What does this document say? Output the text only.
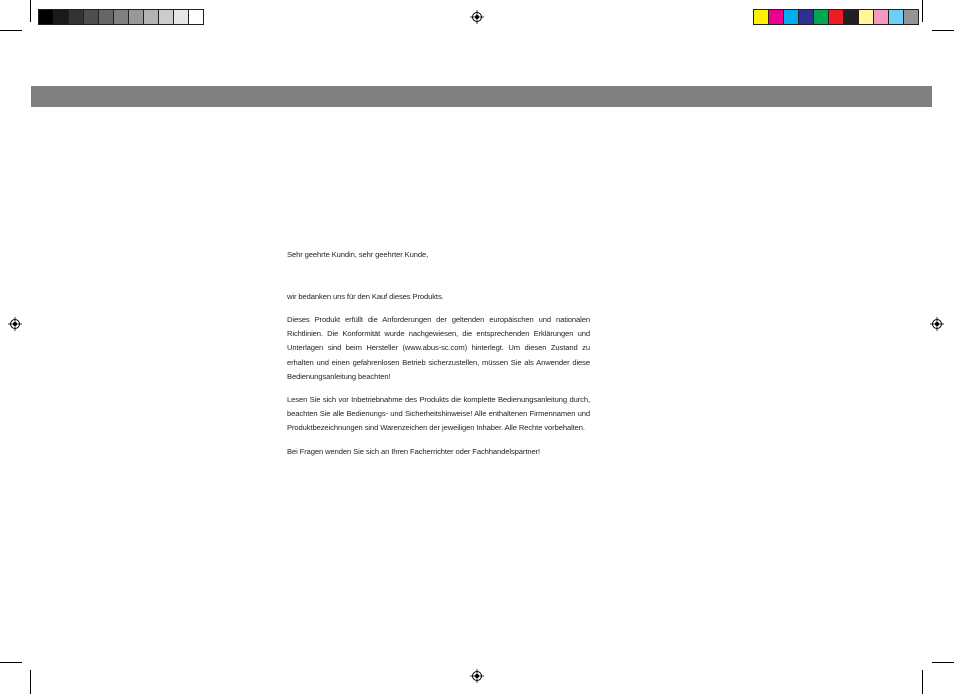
Sehr geehrte Kundin, sehr geehrter Kunde,

wir bedanken uns für den Kauf dieses Produkts.

Dieses Produkt erfüllt die Anforderungen der geltenden europäischen und nationalen Richtlinien. Die Konformität wurde nachgewiesen, die entsprechenden Erklärungen und Unterlagen sind beim Hersteller (www.abus-sc.com) hinterlegt. Um diesen Zustand zu erhalten und einen gefahrenlosen Betrieb sicherzustellen, müssen Sie als Anwender diese Bedienungsanleitung beachten!

Lesen Sie sich vor Inbetriebnahme des Produkts die komplette Bedienungsanleitung durch, beachten Sie alle Bedienungs- und Sicherheitshinweise! Alle enthaltenen Firmennamen und Produktbezeichnungen sind Warenzeichen der jeweiligen Inhaber. Alle Rechte vorbehalten.

Bei Fragen wenden Sie sich an Ihren Facherrichter oder Fachhandelspartner!
